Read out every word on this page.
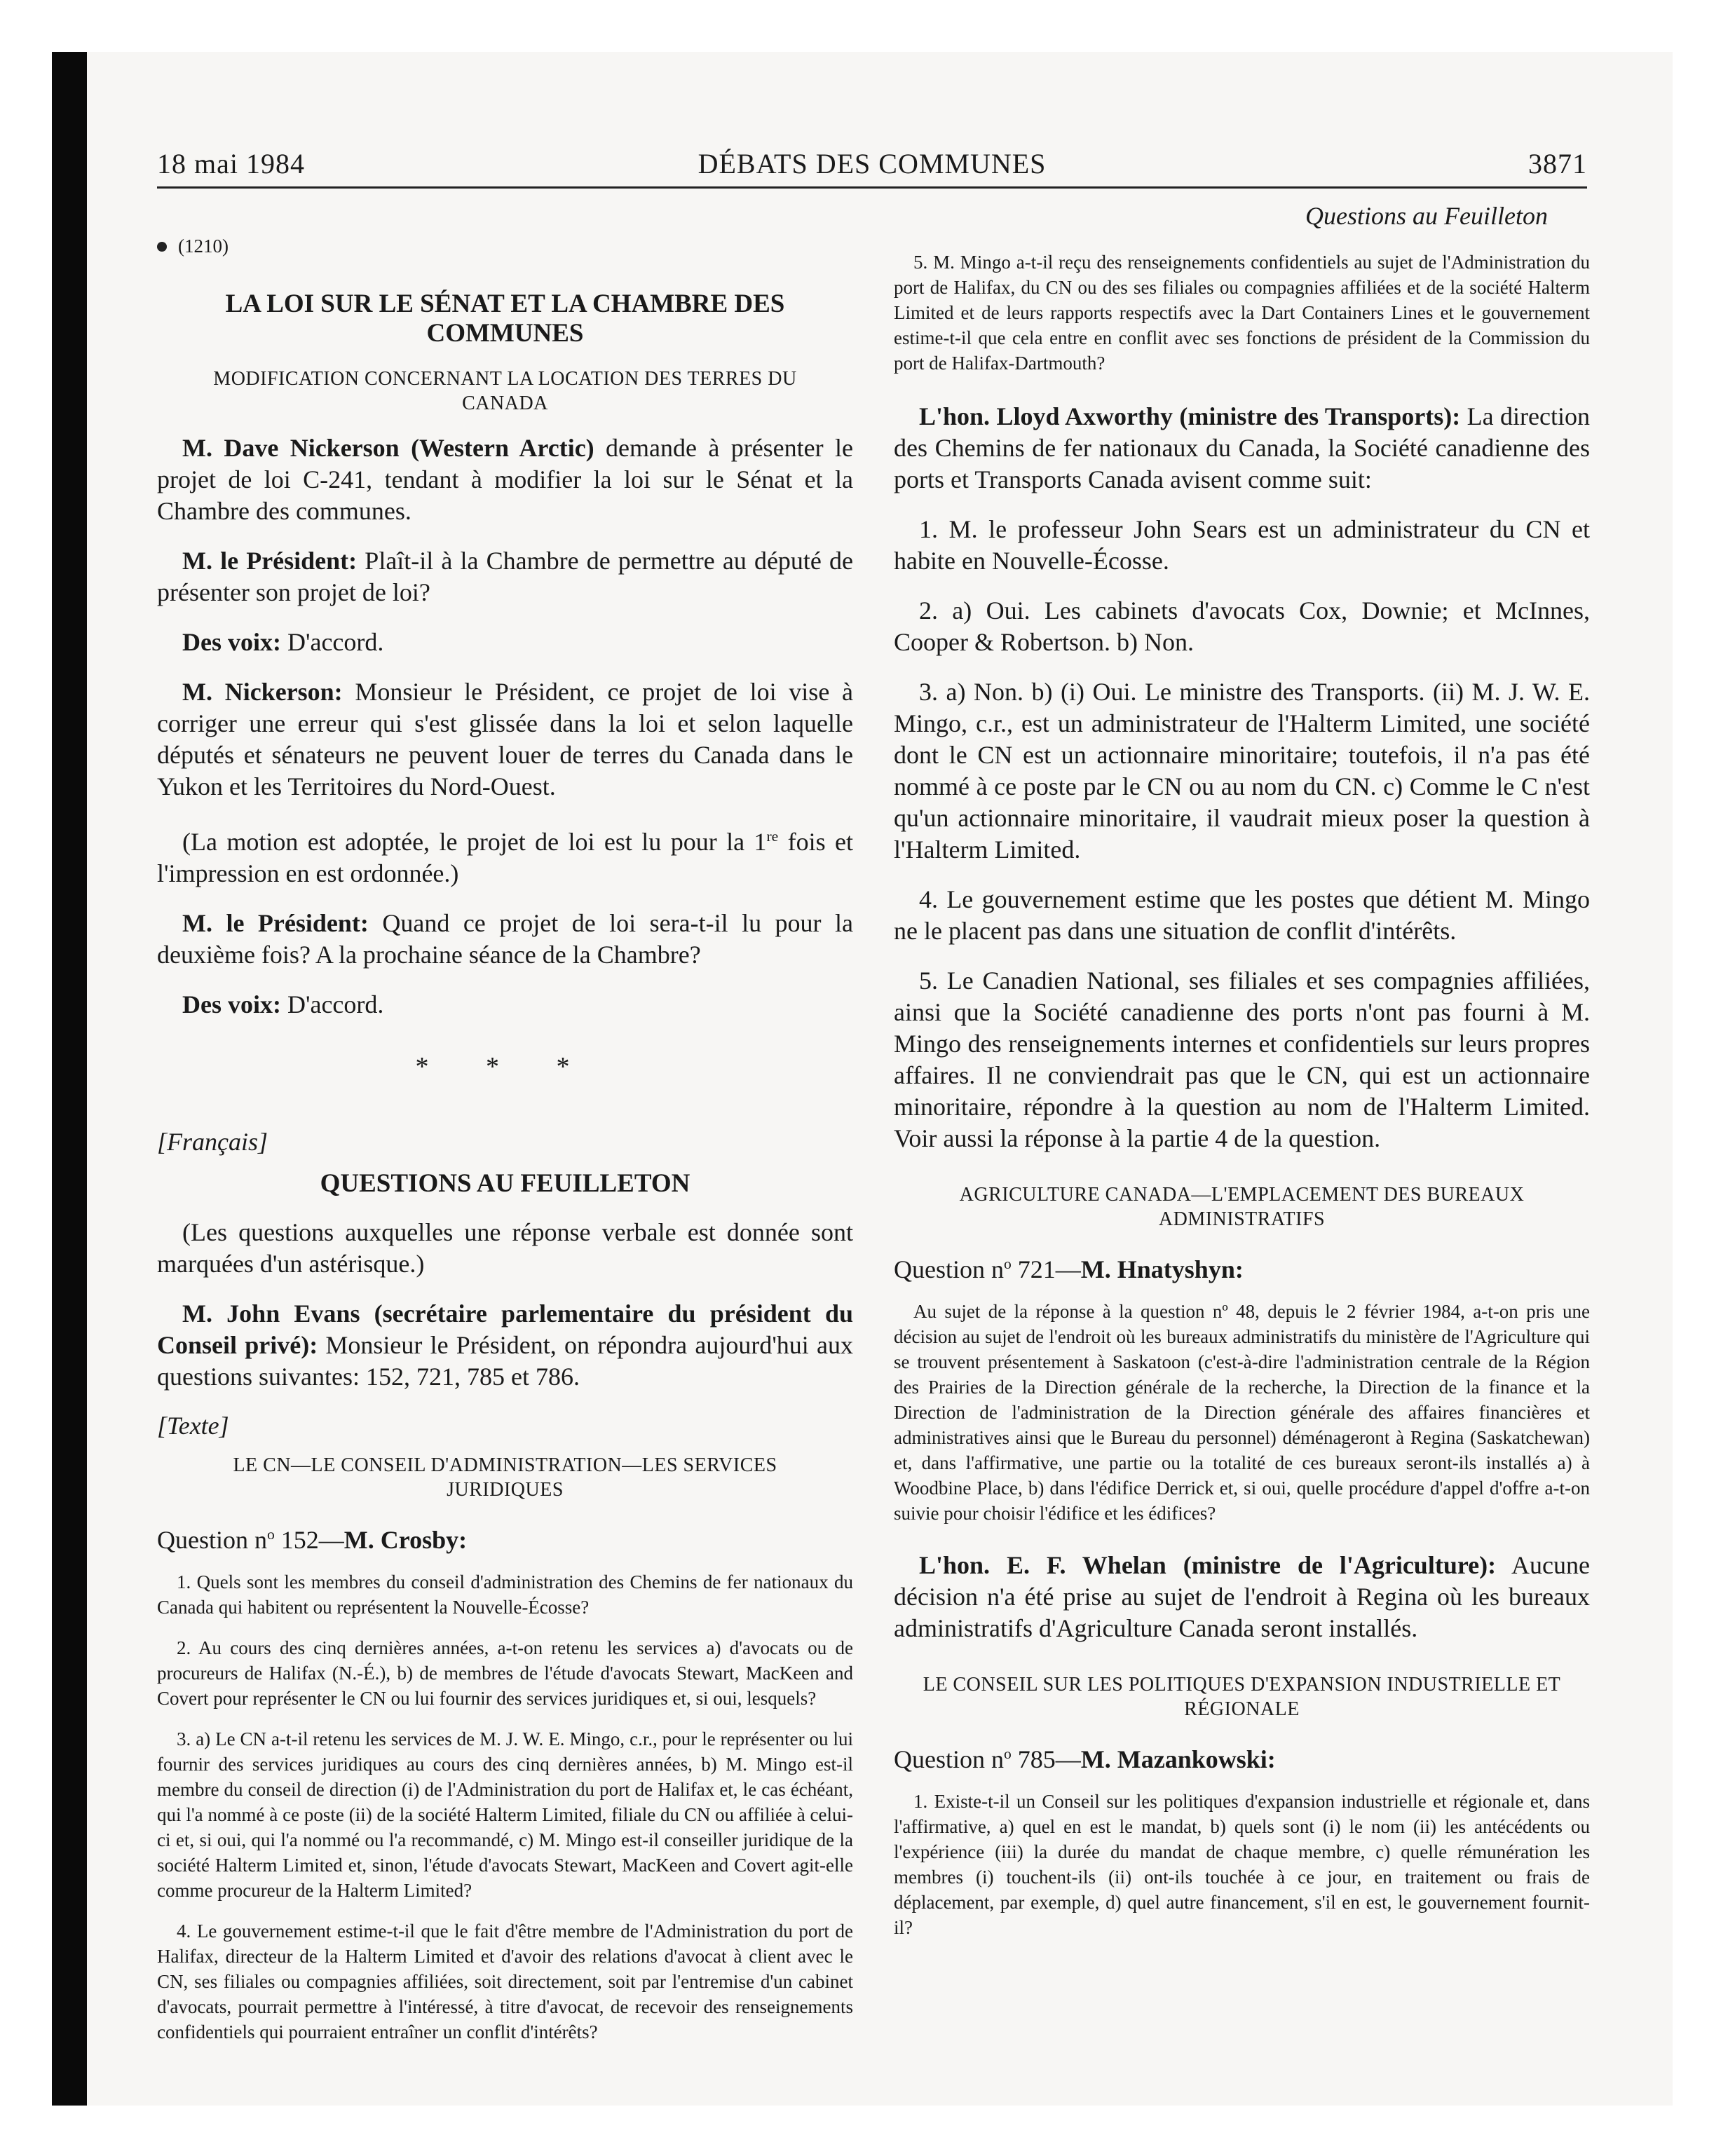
18 mai 1984	DÉBATS DES COMMUNES	3871
(1210)
LA LOI SUR LE SÉNAT ET LA CHAMBRE DES COMMUNES
MODIFICATION CONCERNANT LA LOCATION DES TERRES DU CANADA

M. Dave Nickerson (Western Arctic) demande à présenter le projet de loi C-241, tendant à modifier la loi sur le Sénat et la Chambre des communes.

M. le Président: Plaît-il à la Chambre de permettre au député de présenter son projet de loi?

Des voix: D'accord.

M. Nickerson: Monsieur le Président, ce projet de loi vise à corriger une erreur qui s'est glissée dans la loi et selon laquelle députés et sénateurs ne peuvent louer de terres du Canada dans le Yukon et les Territoires du Nord-Ouest.

(La motion est adoptée, le projet de loi est lu pour la 1re fois et l'impression en est ordonnée.)

M. le Président: Quand ce projet de loi sera-t-il lu pour la deuxième fois? A la prochaine séance de la Chambre?

Des voix: D'accord.

* * *
[Français]
QUESTIONS AU FEUILLETON

(Les questions auxquelles une réponse verbale est donnée sont marquées d'un astérisque.)

M. John Evans (secrétaire parlementaire du président du Conseil privé): Monsieur le Président, on répondra aujourd'hui aux questions suivantes: 152, 721, 785 et 786.

[Texte]
LE CN—LE CONSEIL D'ADMINISTRATION—LES SERVICES JURIDIQUES
Question $n^o$ 152—M. Crosby:

1. Quels sont les membres du conseil d'administration des Chemins de fer nationaux du Canada qui habitent ou représentent la Nouvelle-Écosse?

2. Au cours des cinq dernières années, a-t-on retenu les services a) d'avocats ou de procureurs de Halifax (N.-É.), b) de membres de l'étude d'avocats Stewart, MacKeen and Covert pour représenter le CN ou lui fournir des services juridiques et, si oui, lesquels?

3. a) Le CN a-t-il retenu les services de M. J. W. E. Mingo, c.r., pour le représenter ou lui fournir des services juridiques au cours des cinq dernières années, b) M. Mingo est-il membre du conseil de direction (i) de l'Administration du port de Halifax et, le cas échéant, qui l'a nommé à ce poste (ii) de la société Halterm Limited, filiale du CN ou affiliée à celui-ci et, si oui, qui l'a nommé ou l'a recommandé, c) M. Mingo est-il conseiller juridique de la société Halterm Limited et, sinon, l'étude d'avocats Stewart, MacKeen and Covert agit-elle comme procureur de la Halterm Limited?

4. Le gouvernement estime-t-il que le fait d'être membre de l'Administration du port de Halifax, directeur de la Halterm Limited et d'avoir des relations d'avocat à client avec le CN, ses filiales ou compagnies affiliées, soit directement, soit par l'entremise d'un cabinet d'avocats, pourrait permettre à l'intéressé, à titre d'avocat, de recevoir des renseignements confidentiels qui pourraient entraîner un conflit d'intérêts?

Questions au Feuilleton

5. M. Mingo a-t-il reçu des renseignements confidentiels au sujet de l'Administration du port de Halifax, du CN ou des ses filiales ou compagnies affiliées et de la société Halterm Limited et de leurs rapports respectifs avec la Dart Containers Lines et le gouvernement estime-t-il que cela entre en conflit avec ses fonctions de président de la Commission du port de Halifax-Dartmouth?

L'hon. Lloyd Axworthy (ministre des Transports): La direction des Chemins de fer nationaux du Canada, la Société canadienne des ports et Transports Canada avisent comme suit:

1. M. le professeur John Sears est un administrateur du CN et habite en Nouvelle-Écosse.

2. a) Oui. Les cabinets d'avocats Cox, Downie; et McInnes, Cooper & Robertson. b) Non.

3. a) Non. b) (i) Oui. Le ministre des Transports. (ii) M. J. W. E. Mingo, c.r., est un administrateur de l'Halterm Limited, une société dont le CN est un actionnaire minoritaire; toutefois, il n'a pas été nommé à ce poste par le CN ou au nom du CN. c) Comme le C n'est qu'un actionnaire minoritaire, il vaudrait mieux poser la question à l'Halterm Limited.

4. Le gouvernement estime que les postes que détient M. Mingo ne le placent pas dans une situation de conflit d'intérêts.

5. Le Canadien National, ses filiales et ses compagnies affiliées, ainsi que la Société canadienne des ports n'ont pas fourni à M. Mingo des renseignements internes et confidentiels sur leurs propres affaires. Il ne conviendrait pas que le CN, qui est un actionnaire minoritaire, répondre à la question au nom de l'Halterm Limited. Voir aussi la réponse à la partie 4 de la question.

AGRICULTURE CANADA—L'EMPLACEMENT DES BUREAUX ADMINISTRATIFS
Question $n^o$ 721—M. Hnatyshyn:

Au sujet de la réponse à la question nº 48, depuis le 2 février 1984, a-t-on pris une décision au sujet de l'endroit où les bureaux administratifs du ministère de l'Agriculture qui se trouvent présentement à Saskatoon (c'est-à-dire l'administration centrale de la Région des Prairies de la Direction générale de la recherche, la Direction de la finance et la Direction de l'administration de la Direction générale des affaires financières et administratives ainsi que le Bureau du personnel) déménageront à Regina (Saskatchewan) et, dans l'affirmative, une partie ou la totalité de ces bureaux seront-ils installés a) à Woodbine Place, b) dans l'édifice Derrick et, si oui, quelle procédure d'appel d'offre a-t-on suivie pour choisir l'édifice et les édifices?

L'hon. E. F. Whelan (ministre de l'Agriculture): Aucune décision n'a été prise au sujet de l'endroit à Regina où les bureaux administratifs d'Agriculture Canada seront installés.

LE CONSEIL SUR LES POLITIQUES D'EXPANSION INDUSTRIELLE ET RÉGIONALE
Question $n^o$ 785—M. Mazankowski:

1. Existe-t-il un Conseil sur les politiques d'expansion industrielle et régionale et, dans l'affirmative, a) quel en est le mandat, b) quels sont (i) le nom (ii) les antécédents ou l'expérience (iii) la durée du mandat de chaque membre, c) quelle rémunération les membres (i) touchent-ils (ii) ont-ils touchée à ce jour, en traitement ou frais de déplacement, par exemple, d) quel autre financement, s'il en est, le gouvernement fournit-il?
